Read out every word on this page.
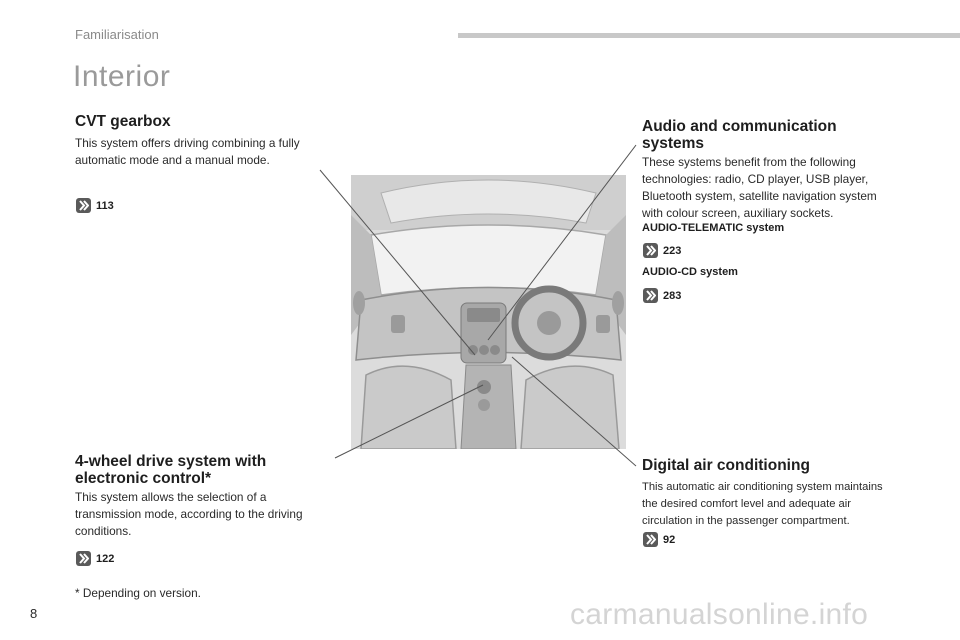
Familiarisation
Interior
CVT gearbox
This system offers driving combining a fully automatic mode and a manual mode.
113
4-wheel drive system with
electronic control*
This system allows the selection of a transmission mode, according to the driving conditions.
122
Audio and communication
systems
These systems benefit from the following technologies: radio, CD player, USB player, Bluetooth system, satellite navigation system with colour screen, auxiliary sockets.
AUDIO-TELEMATIC system
223
AUDIO-CD system
283
Digital air conditioning
This automatic air conditioning system maintains the desired comfort level and adequate air circulation in the passenger compartment.
92
* Depending on version.
8	carmanualsonline.info
